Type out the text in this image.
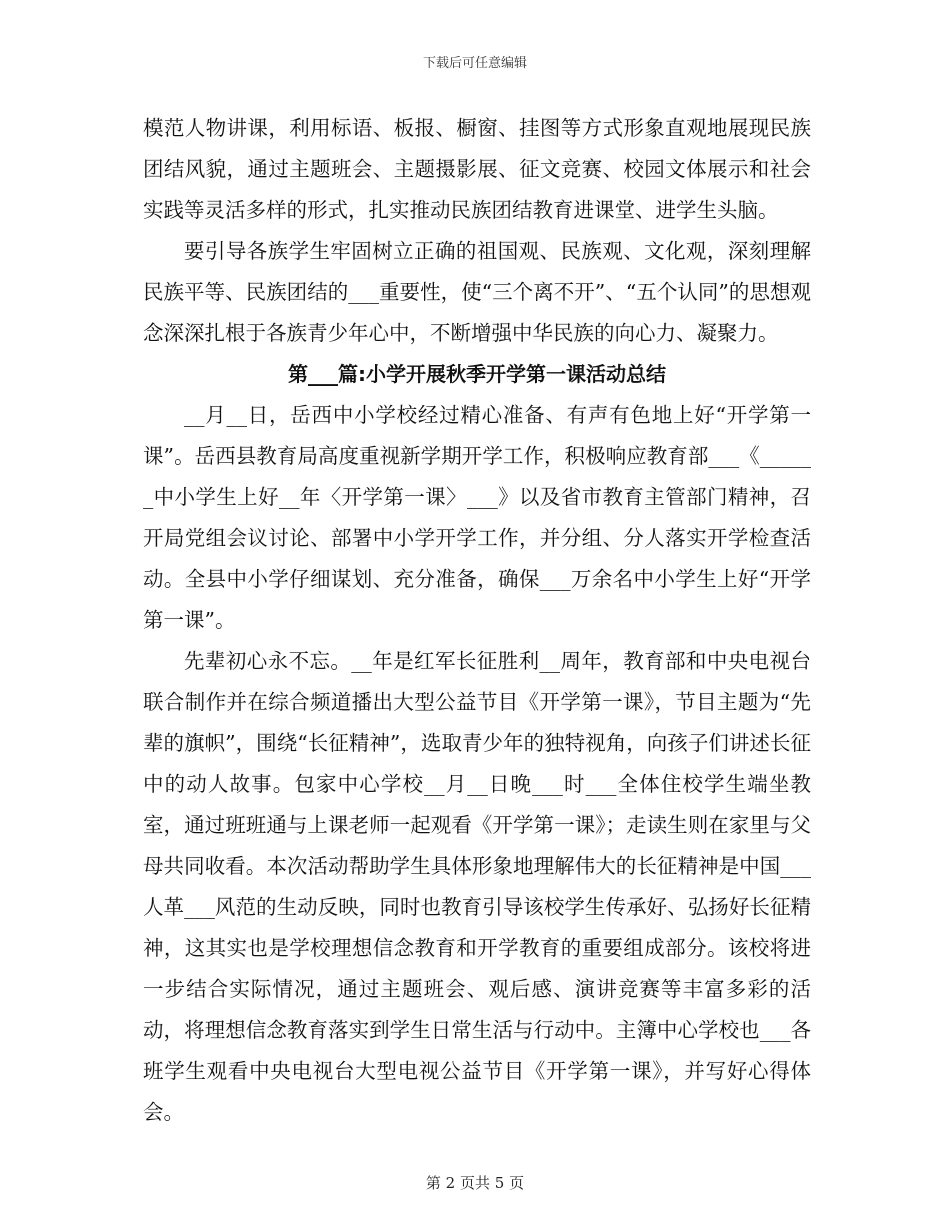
下载后可任意编辑

模范人物讲课，利用标语、板报、橱窗、挂图等方式形象直观地展现民族团结风貌，通过主题班会、主题摄影展、征文竞赛、校园文体展示和社会实践等灵活多样的形式，扎实推动民族团结教育进课堂、进学生头脑。

要引导各族学生牢固树立正确的祖国观、民族观、文化观，深刻理解民族平等、民族团结的___重要性，使“三个离不开”、“五个认同”的思想观念深深扎根于各族青少年心中，不断增强中华民族的向心力、凝聚力。

第___篇:小学开展秋季开学第一课活动总结

__月__日，岳西中小学校经过精心准备、有声有色地上好“开学第一课”。岳西县教育局高度重视新学期开学工作，积极响应教育部___《______中小学生上好__年〈开学第一课〉___》以及省市教育主管部门精神，召开局党组会议讨论、部署中小学开学工作，并分组、分人落实开学检查活动。全县中小学仔细谋划、充分准备，确保___万余名中小学生上好“开学第一课”。

先辈初心永不忘。__年是红军长征胜利__周年，教育部和中央电视台联合制作并在综合频道播出大型公益节目《开学第一课》，节目主题为“先辈的旗帜”，围绕“长征精神”，选取青少年的独特视角，向孩子们讲述长征中的动人故事。包家中心学校__月__日晚___时___全体住校学生端坐教室，通过班班通与上课老师一起观看《开学第一课》；走读生则在家里与父母共同收看。本次活动帮助学生具体形象地理解伟大的长征精神是中国___人革___风范的生动反映，同时也教育引导该校学生传承好、弘扬好长征精神，这其实也是学校理想信念教育和开学教育的重要组成部分。该校将进一步结合实际情况，通过主题班会、观后感、演讲竞赛等丰富多彩的活动，将理想信念教育落实到学生日常生活与行动中。主簿中心学校也___各班学生观看中央电视台大型电视公益节目《开学第一课》，并写好心得体会。

第 2 页共 5 页
